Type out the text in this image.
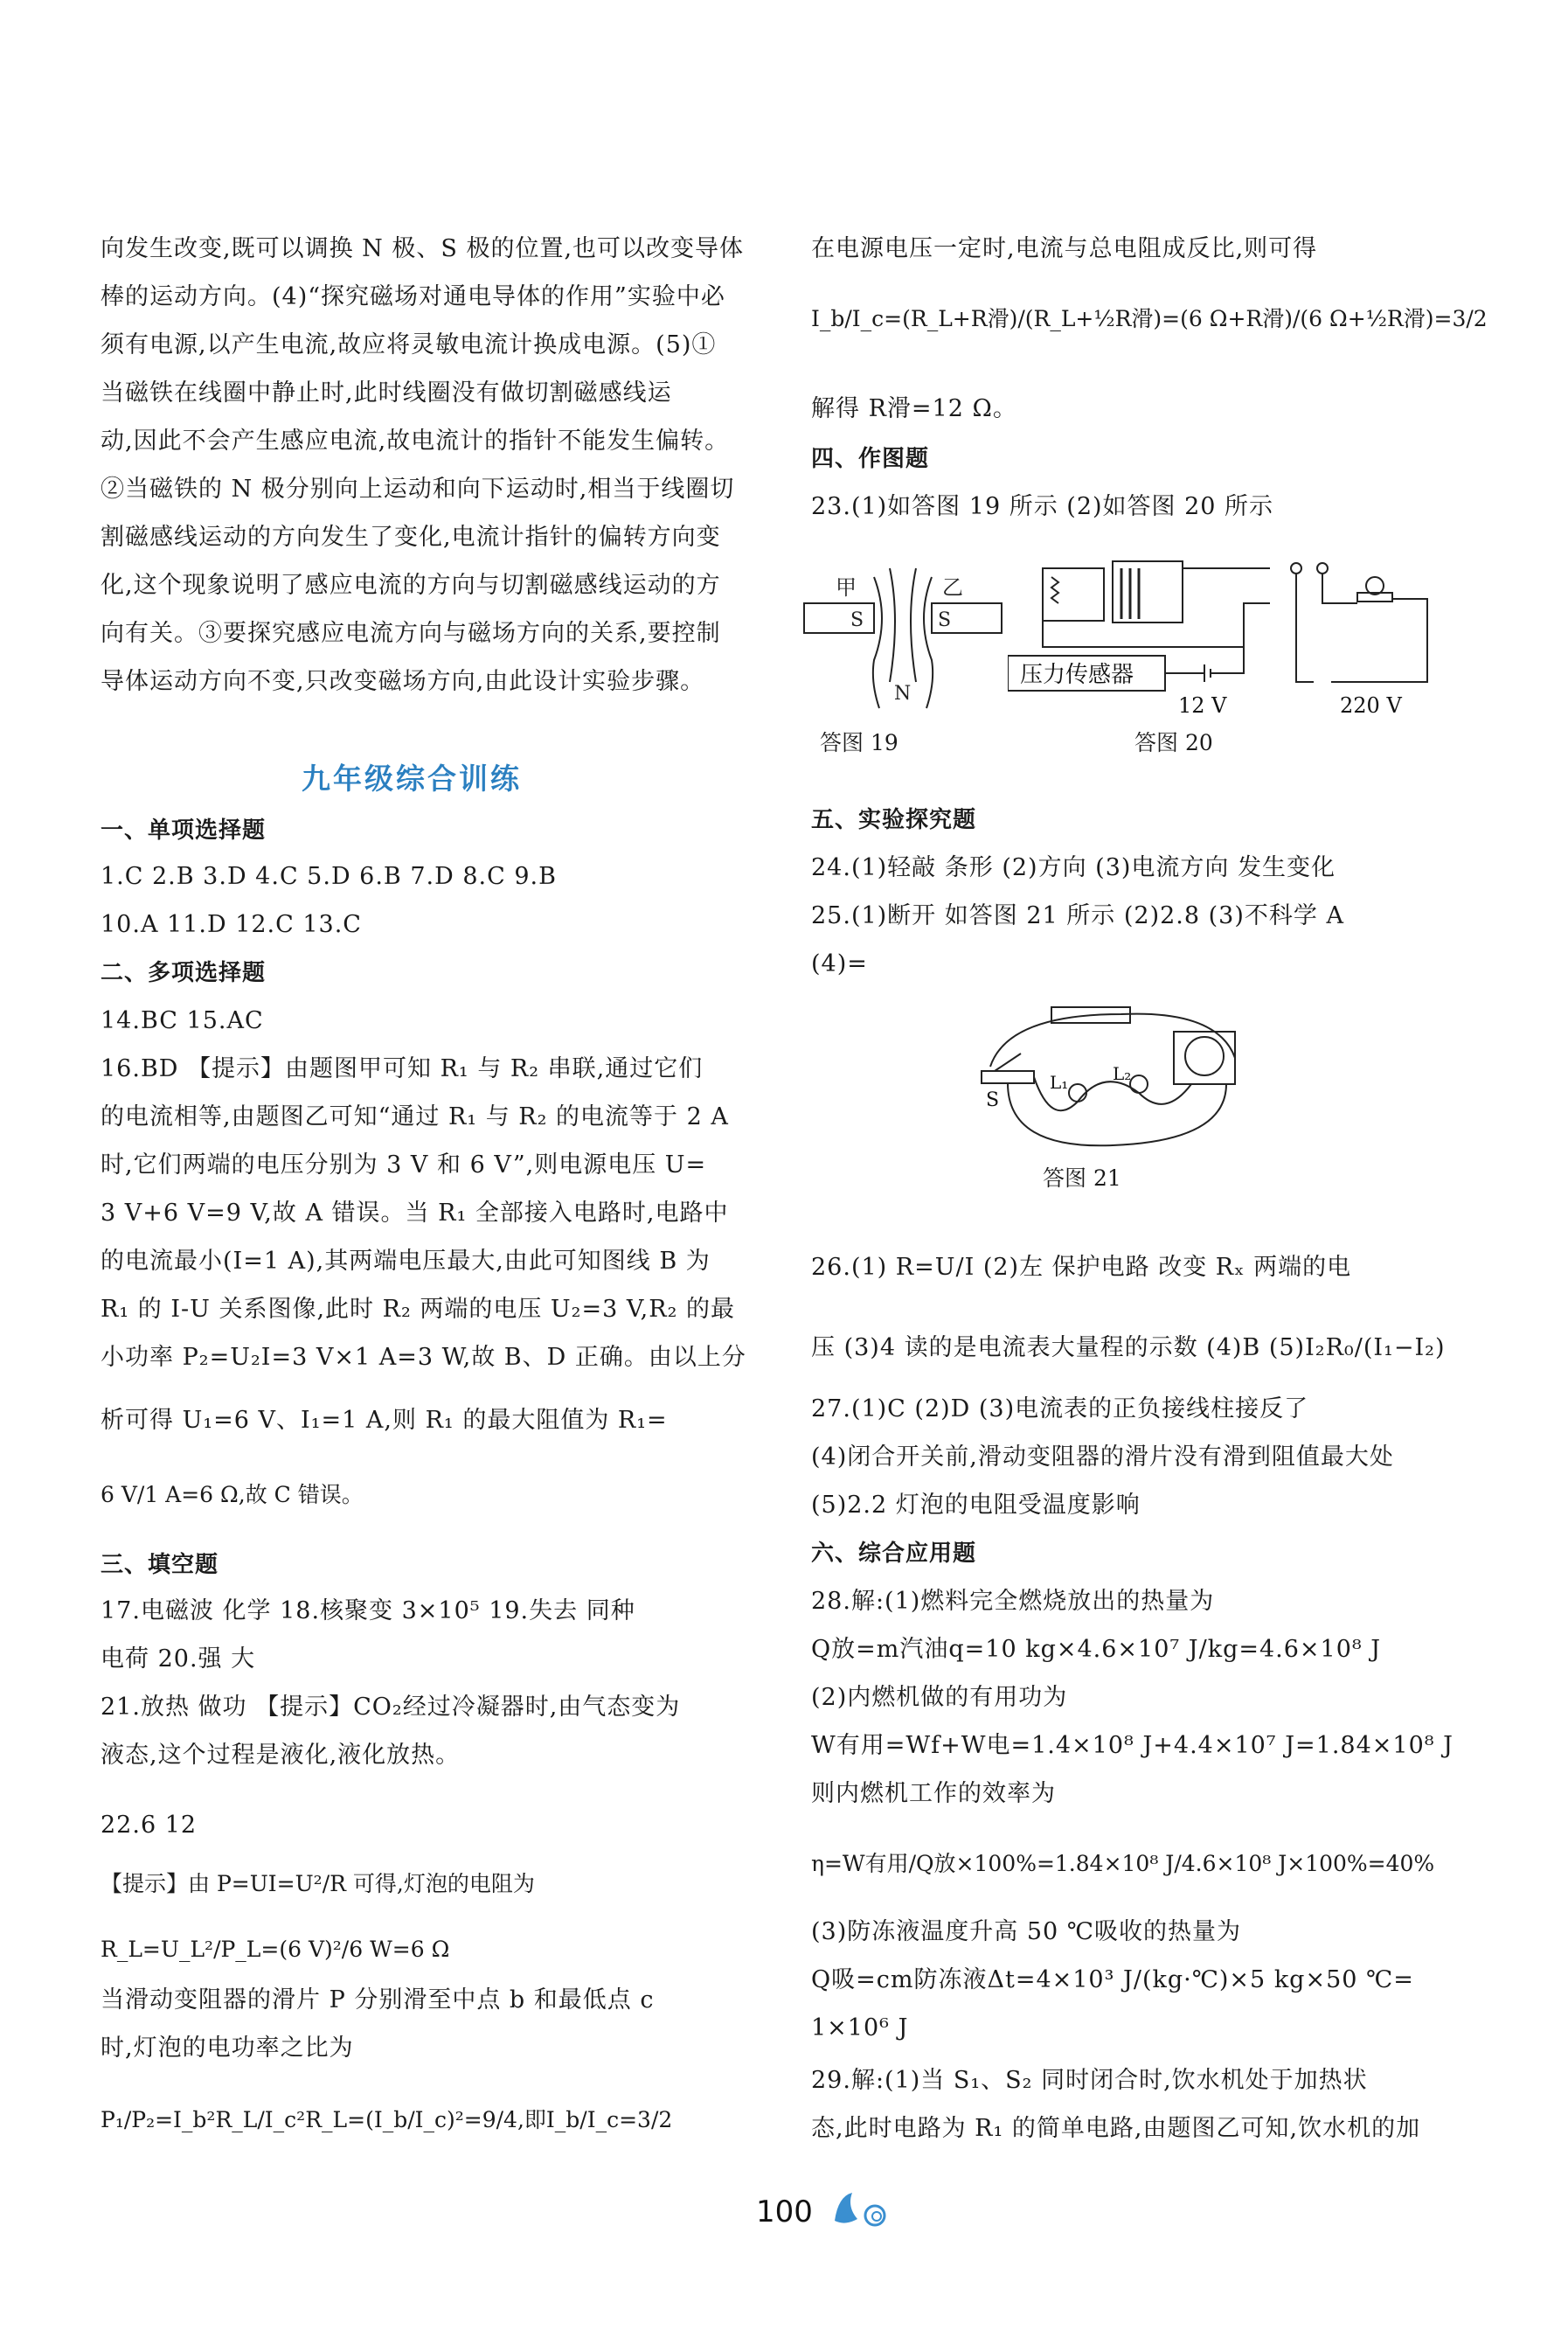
向发生改变,既可以调换 N 极、S 极的位置,也可以改变导体
棒的运动方向。(4)“探究磁场对通电导体的作用”实验中必
须有电源,以产生电流,故应将灵敏电流计换成电源。(5)①
当磁铁在线圈中静止时,此时线圈没有做切割磁感线运
动,因此不会产生感应电流,故电流计的指针不能发生偏转。
②当磁铁的 N 极分别向上运动和向下运动时,相当于线圈切
割磁感线运动的方向发生了变化,电流计指针的偏转方向变
化,这个现象说明了感应电流的方向与切割磁感线运动的方
向有关。③要探究感应电流方向与磁场方向的关系,要控制
导体运动方向不变,只改变磁场方向,由此设计实验步骤。
九年级综合训练
一、单项选择题
1.C 2.B 3.D 4.C 5.D 6.B 7.D 8.C 9.B
10.A 11.D 12.C 13.C
二、多项选择题
14.BC 15.AC
16.BD 【提示】由题图甲可知 R₁ 与 R₂ 串联,通过它们
的电流相等,由题图乙可知“通过 R₁ 与 R₂ 的电流等于 2 A
时,它们两端的电压分别为 3 V 和 6 V”,则电源电压 U=
3 V+6 V=9 V,故 A 错误。当 R₁ 全部接入电路时,电路中
的电流最小(I=1 A),其两端电压最大,由此可知图线 B 为
R₁ 的 I-U 关系图像,此时 R₂ 两端的电压 U₂=3 V,R₂ 的最
小功率 P₂=U₂I=3 V×1 A=3 W,故 B、D 正确。由以上分
析可得 U₁=6 V、I₁=1 A,则 R₁ 的最大阻值为 R₁=
6 V/1 A=6 Ω,故 C 错误。
三、填空题
17.电磁波 化学 18.核聚变 3×10⁵ 19.失去 同种
电荷 20.强 大
21.放热 做功 【提示】CO₂经过冷凝器时,由气态变为
液态,这个过程是液化,液化放热。
22.6 12
【提示】由 P=UI=U²/R 可得,灯泡的电阻为
R_L=U_L²/P_L=(6 V)²/6 W=6 Ω
当滑动变阻器的滑片 P 分别滑至中点 b 和最低点 c
时,灯泡的电功率之比为
P₁/P₂=I_b²R_L/I_c²R_L=(I_b/I_c)²=9/4,即I_b/I_c=3/2
在电源电压一定时,电流与总电阻成反比,则可得
I_b/I_c=(R_L+R滑)/(R_L+½R滑)=(6 Ω+R滑)/(6 Ω+½R滑)=3/2
解得 R滑=12 Ω。
四、作图题
23.(1)如答图 19 所示 (2)如答图 20 所示
甲	乙
S	S
N
答图 19
压力传感器
12 V	220 V
答图 20
五、实验探究题
24.(1)轻敲 条形 (2)方向 (3)电流方向 发生变化
25.(1)断开 如答图 21 所示 (2)2.8 (3)不科学 A
(4)=
S
L₁	L₂
答图 21
26.(1) R=U/I (2)左 保护电路 改变 Rₓ 两端的电
压 (3)4 读的是电流表大量程的示数 (4)B (5)I₂R₀/(I₁−I₂)
27.(1)C (2)D (3)电流表的正负接线柱接反了
(4)闭合开关前,滑动变阻器的滑片没有滑到阻值最大处
(5)2.2 灯泡的电阻受温度影响
六、综合应用题
28.解:(1)燃料完全燃烧放出的热量为
Q放=m汽油q=10 kg×4.6×10⁷ J/kg=4.6×10⁸ J
(2)内燃机做的有用功为
W有用=Wf+W电=1.4×10⁸ J+4.4×10⁷ J=1.84×10⁸ J
则内燃机工作的效率为
η=W有用/Q放×100%=1.84×10⁸ J/4.6×10⁸ J×100%=40%
(3)防冻液温度升高 50 ℃吸收的热量为
Q吸=cm防冻液Δt=4×10³ J/(kg·℃)×5 kg×50 ℃=
1×10⁶ J
29.解:(1)当 S₁、S₂ 同时闭合时,饮水机处于加热状
态,此时电路为 R₁ 的简单电路,由题图乙可知,饮水机的加
100
